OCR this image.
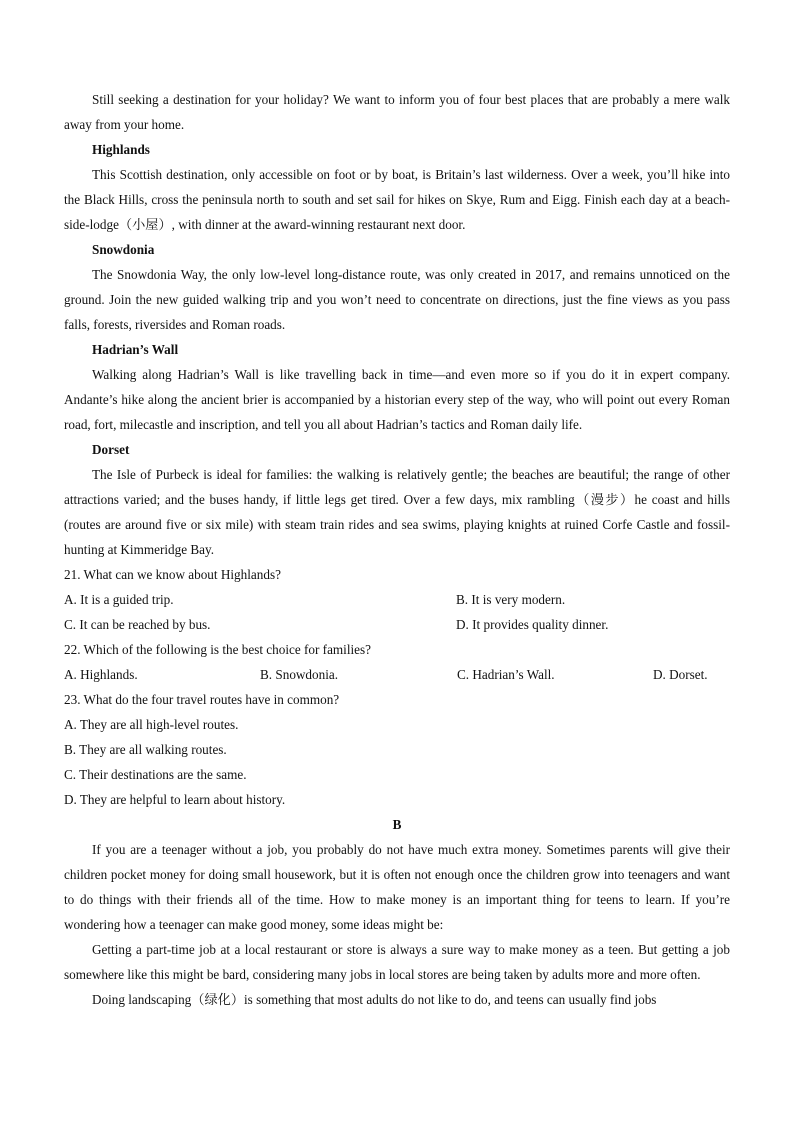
Still seeking a destination for your holiday? We want to inform you of four best places that are probably a mere walk away from your home.

Highlands

This Scottish destination, only accessible on foot or by boat, is Britain’s last wilderness. Over a week, you’ll hike into the Black Hills, cross the peninsula north to south and set sail for hikes on Skye, Rum and Eigg. Finish each day at a beach-side-lodge（小屋）, with dinner at the award-winning restaurant next door.

Snowdonia

The Snowdonia Way, the only low-level long-distance route, was only created in 2017, and remains unnoticed on the ground. Join the new guided walking trip and you won’t need to concentrate on directions, just the fine views as you pass falls, forests, riversides and Roman roads.

Hadrian’s Wall

Walking along Hadrian’s Wall is like travelling back in time—and even more so if you do it in expert company. Andante’s hike along the ancient brier is accompanied by a historian every step of the way, who will point out every Roman road, fort, milecastle and inscription, and tell you all about Hadrian’s tactics and Roman daily life.

Dorset

The Isle of Purbeck is ideal for families: the walking is relatively gentle; the beaches are beautiful; the range of other attractions varied; and the buses handy, if little legs get tired. Over a few days, mix rambling（漫步）he coast and hills (routes are around five or six mile) with steam train rides and sea swims, playing knights at ruined Corfe Castle and fossil-hunting at Kimmeridge Bay.

21. What can we know about Highlands?

A. It is a guided trip.	B. It is very modern.
C. It can be reached by bus.	D. It provides quality dinner.

22. Which of the following is the best choice for families?

A. Highlands.	B. Snowdonia.	C. Hadrian’s Wall.	D. Dorset.

23. What do the four travel routes have in common?

A. They are all high-level routes.

B. They are all walking routes.

C. Their destinations are the same.

D. They are helpful to learn about history.

B

If you are a teenager without a job, you probably do not have much extra money. Sometimes parents will give their children pocket money for doing small housework, but it is often not enough once the children grow into teenagers and want to do things with their friends all of the time. How to make money is an important thing for teens to learn. If you’re wondering how a teenager can make good money, some ideas might be:

Getting a part-time job at a local restaurant or store is always a sure way to make money as a teen. But getting a job somewhere like this might be bard, considering many jobs in local stores are being taken by adults more and more often.

Doing landscaping（绿化）is something that most adults do not like to do, and teens can usually find jobs
